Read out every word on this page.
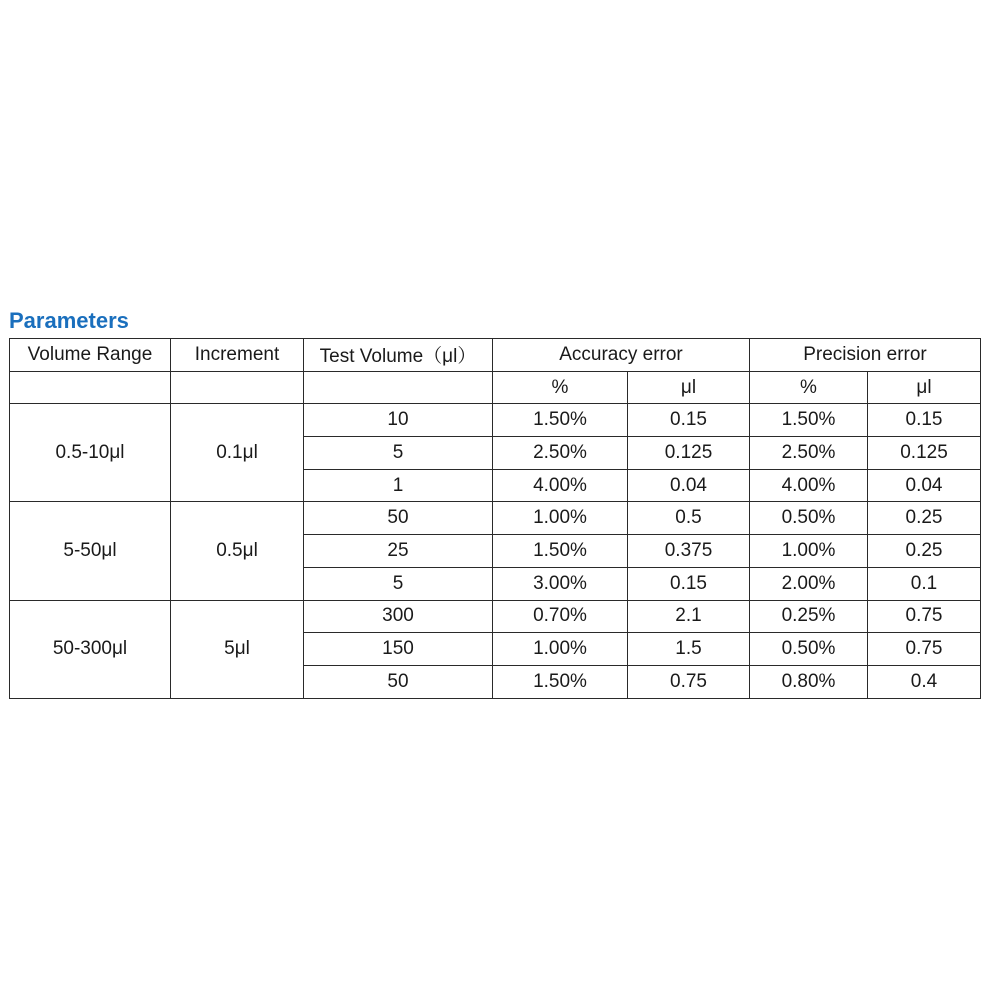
Parameters
Volume Range	Increment	Test Volume（μl）	Accuracy error		Precision error	
			%	μl	%	μl
0.5-10μl	0.1μl	10	1.50%	0.15	1.50%	0.15
		5	2.50%	0.125	2.50%	0.125
		1	4.00%	0.04	4.00%	0.04
5-50μl	0.5μl	50	1.00%	0.5	0.50%	0.25
		25	1.50%	0.375	1.00%	0.25
		5	3.00%	0.15	2.00%	0.1
50-300μl	5μl	300	0.70%	2.1	0.25%	0.75
		150	1.00%	1.5	0.50%	0.75
		50	1.50%	0.75	0.80%	0.4
